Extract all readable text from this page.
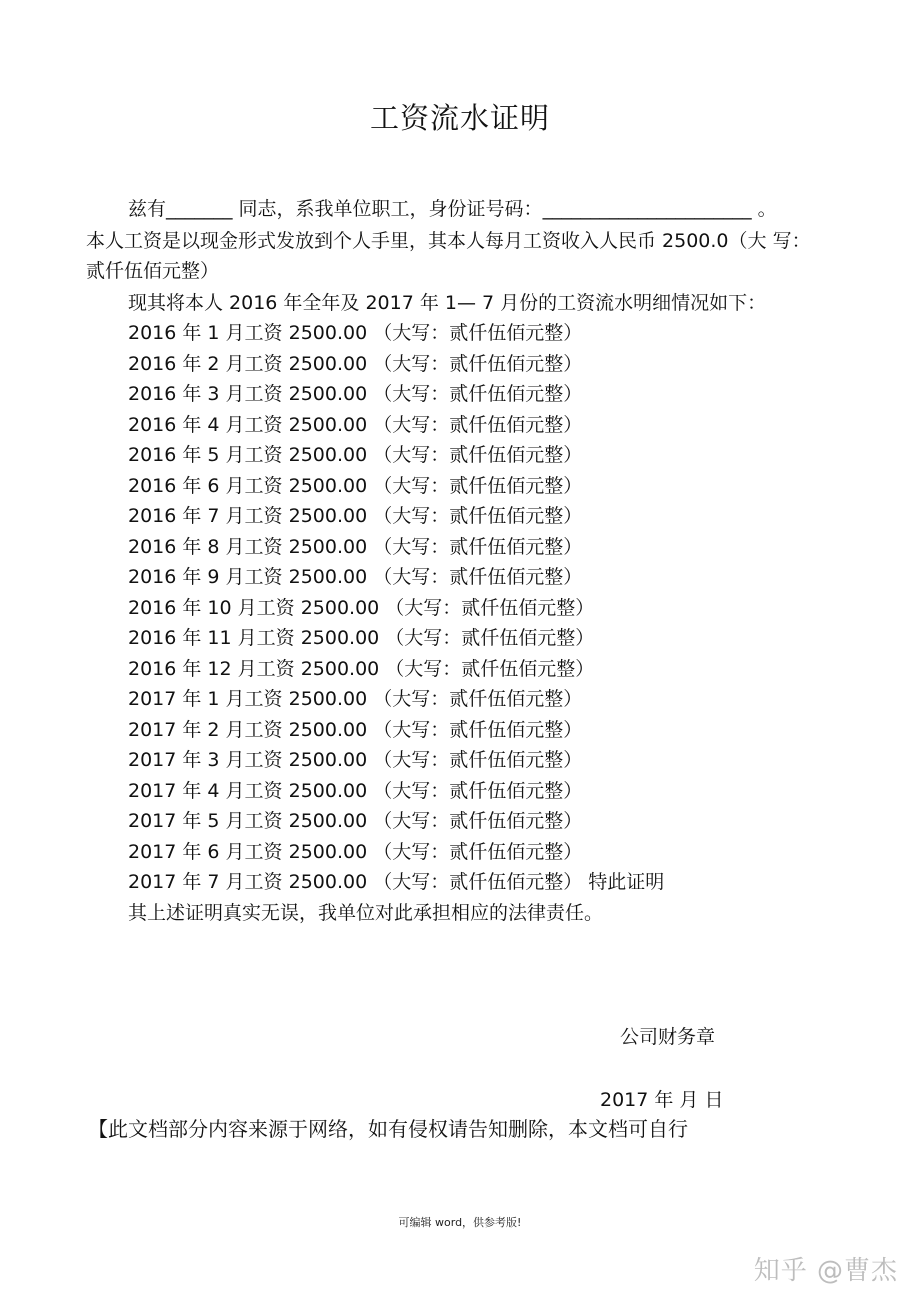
工资流水证明
兹有_______ 同志，系我单位职工，身份证号码：______________________ 。
本人工资是以现金形式发放到个人手里，其本人每月工资收入人民币 2500.0（大 写：
贰仟伍佰元整）
现其将本人 2016 年全年及 2017 年 1— 7 月份的工资流水明细情况如下：
2016 年 1 月工资 2500.00 （大写：贰仟伍佰元整）
2016 年 2 月工资 2500.00 （大写：贰仟伍佰元整）
2016 年 3 月工资 2500.00 （大写：贰仟伍佰元整）
2016 年 4 月工资 2500.00 （大写：贰仟伍佰元整）
2016 年 5 月工资 2500.00 （大写：贰仟伍佰元整）
2016 年 6 月工资 2500.00 （大写：贰仟伍佰元整）
2016 年 7 月工资 2500.00 （大写：贰仟伍佰元整）
2016 年 8 月工资 2500.00 （大写：贰仟伍佰元整）
2016 年 9 月工资 2500.00 （大写：贰仟伍佰元整）
2016 年 10 月工资 2500.00 （大写：贰仟伍佰元整）
2016 年 11 月工资 2500.00 （大写：贰仟伍佰元整）
2016 年 12 月工资 2500.00 （大写：贰仟伍佰元整）
2017 年 1 月工资 2500.00 （大写：贰仟伍佰元整）
2017 年 2 月工资 2500.00 （大写：贰仟伍佰元整）
2017 年 3 月工资 2500.00 （大写：贰仟伍佰元整）
2017 年 4 月工资 2500.00 （大写：贰仟伍佰元整）
2017 年 5 月工资 2500.00 （大写：贰仟伍佰元整）
2017 年 6 月工资 2500.00 （大写：贰仟伍佰元整）
2017 年 7 月工资 2500.00 （大写：贰仟伍佰元整） 特此证明
其上述证明真实无误，我单位对此承担相应的法律责任。
公司财务章
2017 年 月 日
【此文档部分内容来源于网络，如有侵权请告知删除，本文档可自行
可编辑 word，供参考版!
知乎 @曹杰
